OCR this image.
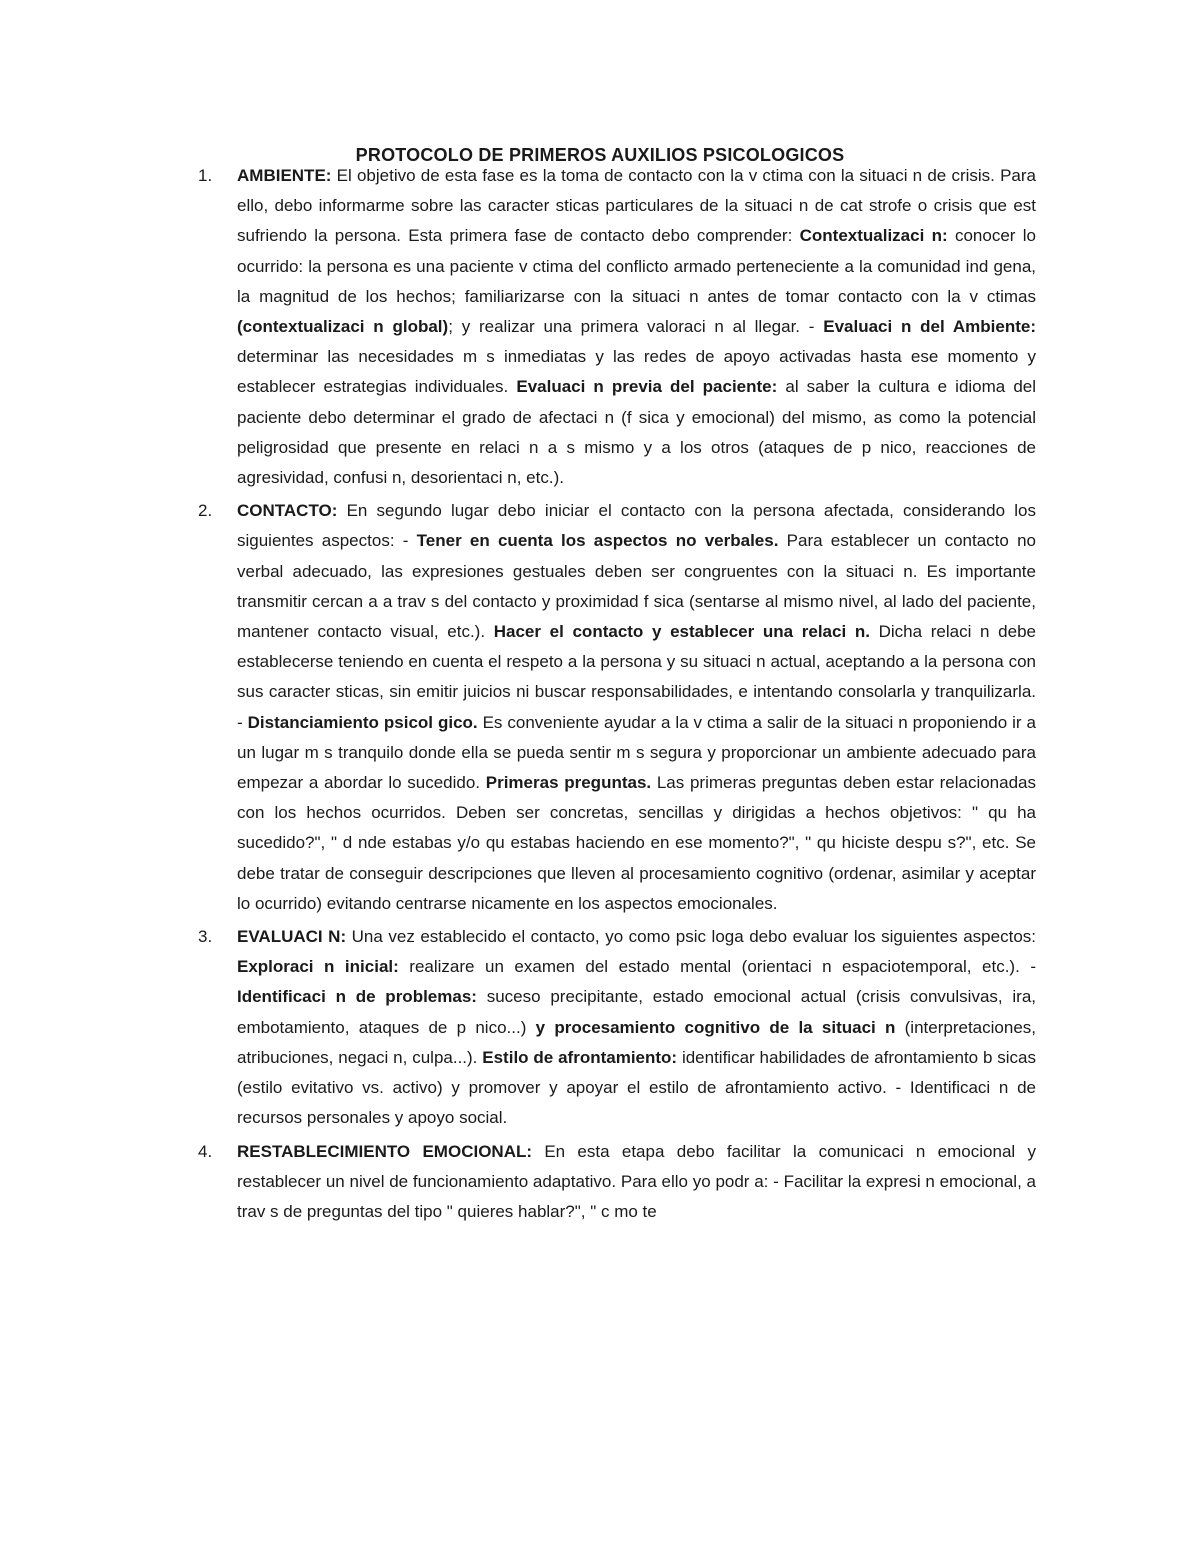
PROTOCOLO DE PRIMEROS AUXILIOS PSICOLOGICOS
1. AMBIENTE: El objetivo de esta fase es la toma de contacto con la v ctima con la situaci n de crisis. Para ello, debo informarme sobre las caracter sticas particulares de la situaci n de cat strofe o crisis que est sufriendo la persona. Esta primera fase de contacto debo comprender: Contextualizaci n: conocer lo ocurrido: la persona es una paciente v ctima del conflicto armado perteneciente a la comunidad ind gena, la magnitud de los hechos; familiarizarse con la situaci n antes de tomar contacto con la v ctimas (contextualizaci n global); y realizar una primera valoraci n al llegar. - Evaluaci n del Ambiente: determinar las necesidades m s inmediatas y las redes de apoyo activadas hasta ese momento y establecer estrategias individuales. Evaluaci n previa del paciente: al saber la cultura e idioma del paciente debo determinar el grado de afectaci n (f sica y emocional) del mismo, as como la potencial peligrosidad que presente en relaci n a s mismo y a los otros (ataques de p nico, reacciones de agresividad, confusi n, desorientaci n, etc.).
2. CONTACTO: En segundo lugar debo iniciar el contacto con la persona afectada, considerando los siguientes aspectos: - Tener en cuenta los aspectos no verbales. Para establecer un contacto no verbal adecuado, las expresiones gestuales deben ser congruentes con la situaci n. Es importante transmitir cercan a a trav s del contacto y proximidad f sica (sentarse al mismo nivel, al lado del paciente, mantener contacto visual, etc.). Hacer el contacto y establecer una relaci n. Dicha relaci n debe establecerse teniendo en cuenta el respeto a la persona y su situaci n actual, aceptando a la persona con sus caracter sticas, sin emitir juicios ni buscar responsabilidades, e intentando consolarla y tranquilizarla. - Distanciamiento psicol gico. Es conveniente ayudar a la v ctima a salir de la situaci n proponiendo ir a un lugar m s tranquilo donde ella se pueda sentir m s segura y proporcionar un ambiente adecuado para empezar a abordar lo sucedido. Primeras preguntas. Las primeras preguntas deben estar relacionadas con los hechos ocurridos. Deben ser concretas, sencillas y dirigidas a hechos objetivos: " qu ha sucedido?", " d nde estabas y/o qu estabas haciendo en ese momento?", " qu hiciste despu s?", etc. Se debe tratar de conseguir descripciones que lleven al procesamiento cognitivo (ordenar, asimilar y aceptar lo ocurrido) evitando centrarse nicamente en los aspectos emocionales.
3. EVALUACI N: Una vez establecido el contacto, yo como psic loga debo evaluar los siguientes aspectos: Exploraci n inicial: realizare un examen del estado mental (orientaci n espaciotemporal, etc.). - Identificaci n de problemas: suceso precipitante, estado emocional actual (crisis convulsivas, ira, embotamiento, ataques de p nico...) y procesamiento cognitivo de la situaci n (interpretaciones, atribuciones, negaci n, culpa...). Estilo de afrontamiento: identificar habilidades de afrontamiento b sicas (estilo evitativo vs. activo) y promover y apoyar el estilo de afrontamiento activo. - Identificaci n de recursos personales y apoyo social.
4. RESTABLECIMIENTO EMOCIONAL: En esta etapa debo facilitar la comunicaci n emocional y restablecer un nivel de funcionamiento adaptativo. Para ello yo podr a: - Facilitar la expresi n emocional, a trav s de preguntas del tipo " quieres hablar?", " c mo te
